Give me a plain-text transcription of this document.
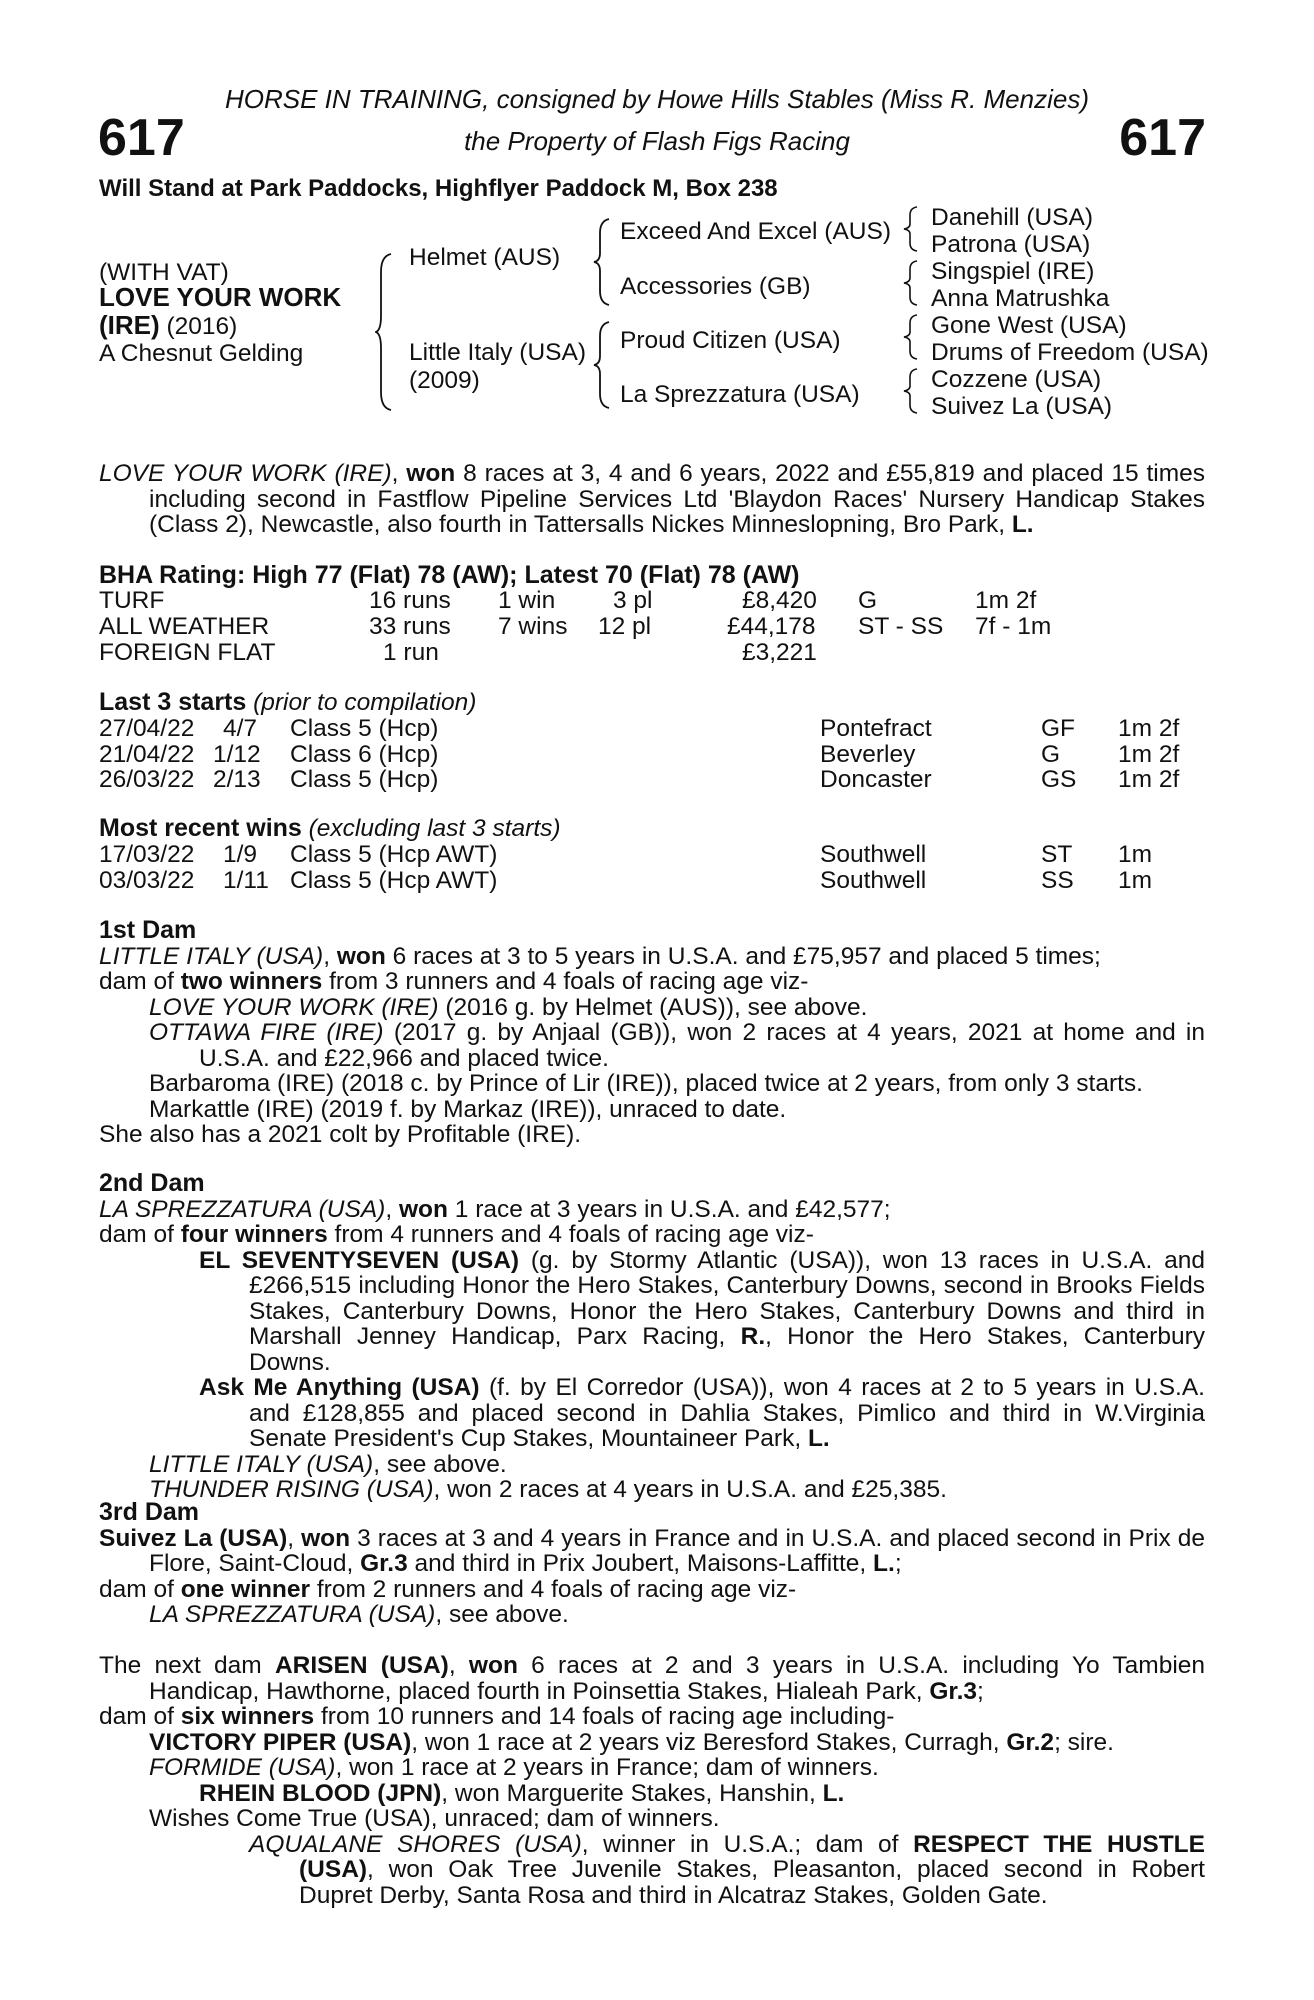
617	617
HORSE IN TRAINING, consigned by Howe Hills Stables (Miss R. Menzies)
the Property of Flash Figs Racing
Will Stand at Park Paddocks, Highflyer Paddock M, Box 238
(WITH VAT)
LOVE YOUR WORK
(IRE) (2016)
A Chesnut Gelding
Helmet (AUS)
Little Italy (USA)
(2009)
Exceed And Excel (AUS)
Accessories (GB)
Proud Citizen (USA)
La Sprezzatura (USA)
Danehill (USA)
Patrona (USA)
Singspiel (IRE)
Anna Matrushka
Gone West (USA)
Drums of Freedom (USA)
Cozzene (USA)
Suivez La (USA)

LOVE YOUR WORK (IRE), won 8 races at 3, 4 and 6 years, 2022 and £55,819 and placed 15 times including second in Fastflow Pipeline Services Ltd 'Blaydon Races' Nursery Handicap Stakes (Class 2), Newcastle, also fourth in Tattersalls Nickes Minneslopning, Bro Park, L.

BHA Rating: High 77 (Flat) 78 (AW); Latest 70 (Flat) 78 (AW)
TURF	16 runs 1 win 3 pl	£8,420 G	1m 2f
ALL WEATHER	33 runs 7 wins 12 pl	£44,178 ST - SS 7f - 1m
FOREIGN FLAT	1 run	£3,221
Last 3 starts (prior to compilation)
27/04/22 4/7 Class 5 (Hcp)	Pontefract	GF 1m 2f
21/04/22 1/12 Class 6 (Hcp)	Beverley	G 1m 2f
26/03/22 2/13 Class 5 (Hcp)	Doncaster	GS 1m 2f
Most recent wins (excluding last 3 starts)
17/03/22 1/9 Class 5 (Hcp AWT)	Southwell	ST 1m
03/03/22 1/11 Class 5 (Hcp AWT)	Southwell	SS 1m

1st Dam

LITTLE ITALY (USA), won 6 races at 3 to 5 years in U.S.A. and £75,957 and placed 5 times;

dam of two winners from 3 runners and 4 foals of racing age viz-

LOVE YOUR WORK (IRE) (2016 g. by Helmet (AUS)), see above.

OTTAWA FIRE (IRE) (2017 g. by Anjaal (GB)), won 2 races at 4 years, 2021 at home and in U.S.A. and £22,966 and placed twice.

Barbaroma (IRE) (2018 c. by Prince of Lir (IRE)), placed twice at 2 years, from only 3 starts.

Markattle (IRE) (2019 f. by Markaz (IRE)), unraced to date.

She also has a 2021 colt by Profitable (IRE).

2nd Dam

LA SPREZZATURA (USA), won 1 race at 3 years in U.S.A. and £42,577;

dam of four winners from 4 runners and 4 foals of racing age viz-

EL SEVENTYSEVEN (USA) (g. by Stormy Atlantic (USA)), won 13 races in U.S.A. and £266,515 including Honor the Hero Stakes, Canterbury Downs, second in Brooks Fields Stakes, Canterbury Downs, Honor the Hero Stakes, Canterbury Downs and third in Marshall Jenney Handicap, Parx Racing, R., Honor the Hero Stakes, Canterbury Downs.

Ask Me Anything (USA) (f. by El Corredor (USA)), won 4 races at 2 to 5 years in U.S.A. and £128,855 and placed second in Dahlia Stakes, Pimlico and third in W.Virginia Senate President's Cup Stakes, Mountaineer Park, L.

LITTLE ITALY (USA), see above.

THUNDER RISING (USA), won 2 races at 4 years in U.S.A. and £25,385.

3rd Dam

Suivez La (USA), won 3 races at 3 and 4 years in France and in U.S.A. and placed second in Prix de Flore, Saint-Cloud, Gr.3 and third in Prix Joubert, Maisons-Laffitte, L.;

dam of one winner from 2 runners and 4 foals of racing age viz-

LA SPREZZATURA (USA), see above.

The next dam ARISEN (USA), won 6 races at 2 and 3 years in U.S.A. including Yo Tambien Handicap, Hawthorne, placed fourth in Poinsettia Stakes, Hialeah Park, Gr.3;

dam of six winners from 10 runners and 14 foals of racing age including-

VICTORY PIPER (USA), won 1 race at 2 years viz Beresford Stakes, Curragh, Gr.2; sire.

FORMIDE (USA), won 1 race at 2 years in France; dam of winners.

RHEIN BLOOD (JPN), won Marguerite Stakes, Hanshin, L.

Wishes Come True (USA), unraced; dam of winners.

AQUALANE SHORES (USA), winner in U.S.A.; dam of RESPECT THE HUSTLE (USA), won Oak Tree Juvenile Stakes, Pleasanton, placed second in Robert Dupret Derby, Santa Rosa and third in Alcatraz Stakes, Golden Gate.
